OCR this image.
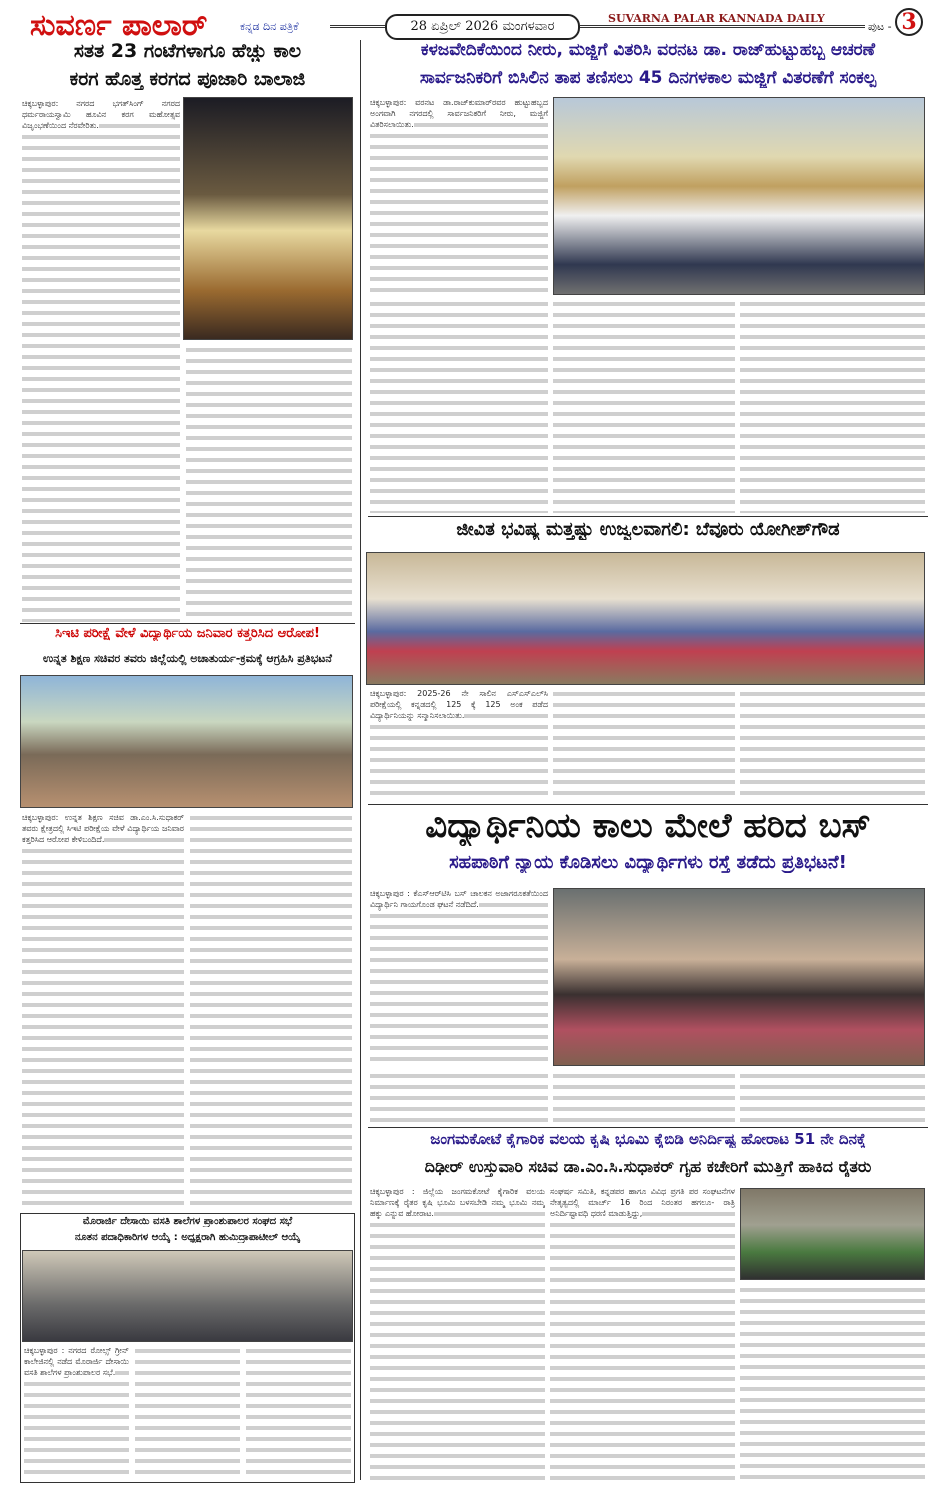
ಸುವರ್ಣ ಪಾಲಾರ್	ಕನ್ನಡ ದಿನ ಪತ್ರಿಕೆ	28 ಏಪ್ರಿಲ್ 2026 ಮಂಗಳವಾರ
SUVARNA PALAR KANNADA DAILY
ಪುಟ - 3
ಸತತ 23 ಗಂಟೆಗಳಾಗೂ ಹೆಚ್ಚು ಕಾಲ
ಕರಗ ಹೊತ್ತ ಕರಗದ ಪೂಜಾರಿ ಬಾಲಾಜಿ
ಚಿಕ್ಕಬಳ್ಳಾಪುರ: ನಗರದ ಭಗತ್‌ಸಿಂಗ್ ನಗರದ ಧರ್ಮರಾಯಸ್ವಾಮಿ ಹೂವಿನ ಕರಗ ಮಹೋತ್ಸವ ವಿಜೃಂಭಣೆಯಿಂದ ನೆರವೇರಿತು.
ಸಿಇಟಿ ಪರೀಕ್ಷೆ ವೇಳೆ ವಿದ್ಯಾರ್ಥಿಯ ಜನಿವಾರ ಕತ್ತರಿಸಿದ ಆರೋಪ!
ಉನ್ನತ ಶಿಕ್ಷಣ ಸಚಿವರ ತವರು ಜಿಲ್ಲೆಯಲ್ಲಿ ಅಚಾತುರ್ಯ-ಕ್ರಮಕ್ಕೆ ಆಗ್ರಹಿಸಿ ಪ್ರತಿಭಟನೆ
ಚಿಕ್ಕಬಳ್ಳಾಪುರ: ಉನ್ನತ ಶಿಕ್ಷಣ ಸಚಿವ ಡಾ.ಎಂ.ಸಿ.ಸುಧಾಕರ್ ತವರು ಕ್ಷೇತ್ರದಲ್ಲಿ ಸಿಇಟಿ ಪರೀಕ್ಷೆಯ ವೇಳೆ ವಿದ್ಯಾರ್ಥಿಯ ಜನಿವಾರ ಕತ್ತರಿಸಿದ ಆರೋಪ ಕೇಳಿಬಂದಿದೆ.
ಮೊರಾರ್ಜಿ ದೇಸಾಯಿ ವಸತಿ ಶಾಲೆಗಳ ಪ್ರಾಂಶುಪಾಲರ ಸಂಘದ ಸಭೆ
ನೂತನ ಪದಾಧಿಕಾರಿಗಳ ಆಯ್ಕೆ : ಅಧ್ಯಕ್ಷರಾಗಿ ಹುಮಿದ್ರಾಪಾಟೀಲ್ ಆಯ್ಕೆ
ಚಿಕ್ಕಬಳ್ಳಾಪುರ : ನಗರದ ರೋಲ್ಸ್ ಗ್ರೀನ್ ಕಾಲೇಜಿನಲ್ಲಿ ನಡೆದ ಮೊರಾರ್ಜಿ ದೇಸಾಯಿ ವಸತಿ ಶಾಲೆಗಳ ಪ್ರಾಂಶುಪಾಲರ ಸಭೆ.
ಕಳಜವೇದಿಕೆಯಿಂದ ನೀರು, ಮಜ್ಜಿಗೆ ವಿತರಿಸಿ ವರನಟ ಡಾ. ರಾಜ್‌ಹುಟ್ಟುಹಬ್ಬ ಆಚರಣೆ
ಸಾರ್ವಜನಿಕರಿಗೆ ಬಿಸಿಲಿನ ತಾಪ ತಣಿಸಲು 45 ದಿನಗಳಕಾಲ ಮಜ್ಜಿಗೆ ವಿತರಣೆಗೆ ಸಂಕಲ್ಪ
ಚಿಕ್ಕಬಳ್ಳಾಪುರ: ವರನಟ ಡಾ.ರಾಜ್‌ಕುಮಾರ್‌ರವರ ಹುಟ್ಟುಹಬ್ಬದ ಅಂಗವಾಗಿ ನಗರದಲ್ಲಿ ಸಾರ್ವಜನಿಕರಿಗೆ ನೀರು, ಮಜ್ಜಿಗೆ ವಿತರಿಸಲಾಯಿತು.
ಜೀವಿತ ಭವಿಷ್ಯ ಮತ್ತಷ್ಟು ಉಜ್ವಲವಾಗಲಿ: ಬೆವೂರು ಯೋಗೀಶ್‌ಗೌಡ
ಚಿಕ್ಕಬಳ್ಳಾಪುರ: 2025-26 ನೇ ಸಾಲಿನ ಎಸ್‌ಎಸ್‌ಎಲ್‌ಸಿ ಪರೀಕ್ಷೆಯಲ್ಲಿ ಕನ್ನಡದಲ್ಲಿ 125 ಕ್ಕೆ 125 ಅಂಕ ಪಡೆದ ವಿದ್ಯಾರ್ಥಿನಿಯನ್ನು ಸನ್ಮಾನಿಸಲಾಯಿತು.
ವಿದ್ಯಾರ್ಥಿನಿಯ ಕಾಲು ಮೇಲೆ ಹರಿದ ಬಸ್
ಸಹಪಾಠಿಗೆ ನ್ಯಾಯ ಕೊಡಿಸಲು ವಿದ್ಯಾರ್ಥಿಗಳು ರಸ್ತೆ ತಡೆದು ಪ್ರತಿಭಟನೆ!
ಚಿಕ್ಕಬಳ್ಳಾಪುರ : ಕೆಎಸ್‌ಆರ್‌ಟಿಸಿ ಬಸ್ ಚಾಲಕನ ಅಜಾಗರೂಕತೆಯಿಂದ ವಿದ್ಯಾರ್ಥಿನಿ ಗಾಯಗೊಂಡ ಘಟನೆ ನಡೆದಿದೆ.
ಜಂಗಮಕೋಟೆ ಕೈಗಾರಿಕ ವಲಯ ಕೃಷಿ ಭೂಮಿ ಕೈಬಿಡಿ ಅನಿರ್ದಿಷ್ಟ ಹೋರಾಟ 51 ನೇ ದಿನಕ್ಕೆ
ದಿಢೀರ್ ಉಸ್ತುವಾರಿ ಸಚಿವ ಡಾ.ಎಂ.ಸಿ.ಸುಧಾಕರ್ ಗೃಹ ಕಚೇರಿಗೆ ಮುತ್ತಿಗೆ ಹಾಕಿದ ರೈತರು
ಚಿಕ್ಕಬಳ್ಳಾಪುರ : ಜಿಲ್ಲೆಯ ಜಂಗಮಕೋಟೆ ಕೈಗಾರಿಕ ವಲಯ ನಿರ್ಮಾಣಕ್ಕೆ ರೈತರ ಕೃಷಿ ಭೂಮಿ ಬಳಸಬೇಡಿ ನಮ್ಮ ಭೂಮಿ ನಮ್ಮ ಹಕ್ಕು ಎನ್ನುವ ಹೋರಾಟ.
ಸಂಘರ್ಷ ಸಮಿತಿ, ಕನ್ನಡಪರ ಹಾಗೂ ವಿವಿಧ ಪ್ರಗತಿ ಪರ ಸಂಘಟನೆಗಳ ನೇತೃತ್ವದಲ್ಲಿ ಮಾರ್ಚ್ 16 ರಿಂದ ನಿರಂತರ ಹಗಲೂ- ರಾತ್ರಿ ಅನಿರ್ದಿಷ್ಟಾವಧಿ ಧರಣಿ ಮಾಡುತ್ತಿದ್ದು,
